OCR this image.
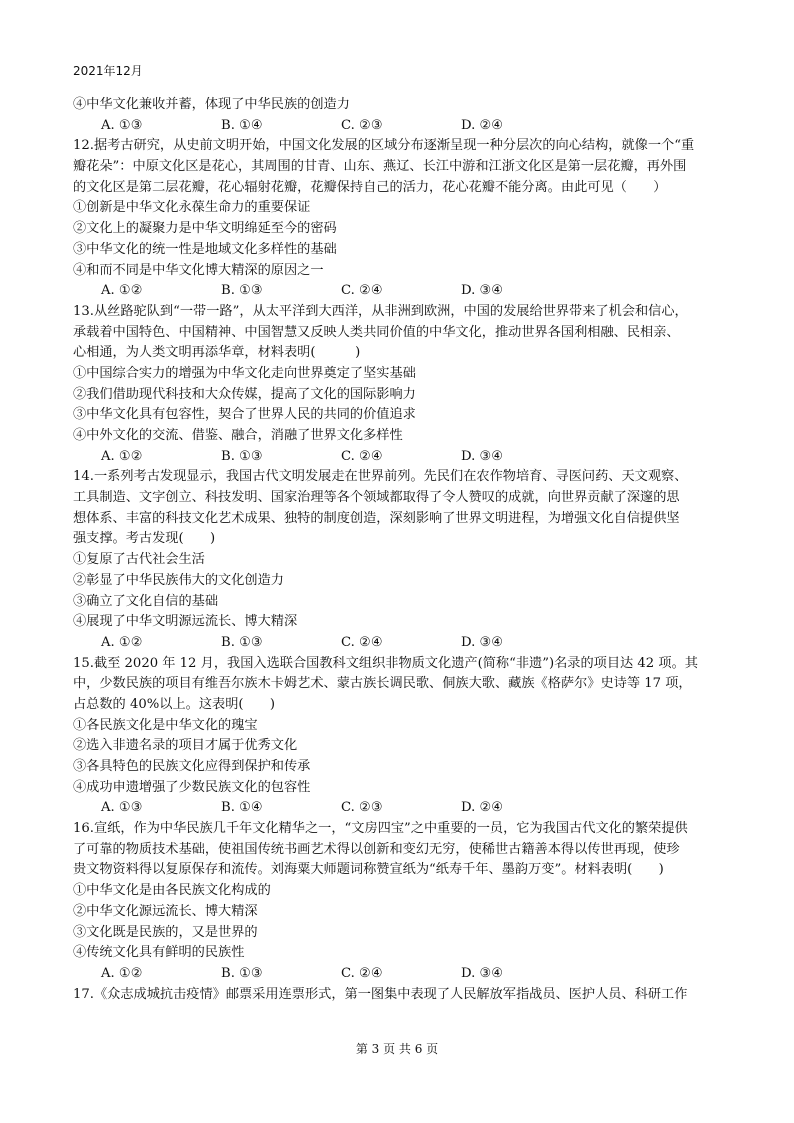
2021年12月
④中华文化兼收并蓄，体现了中华民族的创造力
A. ①③	B. ①④	C. ②③	D. ②④
12.据考古研究，从史前文明开始，中国文化发展的区域分布逐渐呈现一种分层次的向心结构，就像一个“重
瓣花朵”：中原文化区是花心，其周围的甘青、山东、燕辽、长江中游和江浙文化区是第一层花瓣，再外围
的文化区是第二层花瓣，花心辐射花瓣，花瓣保持自己的活力，花心花瓣不能分离。由此可见（　　）
①创新是中华文化永葆生命力的重要保证
②文化上的凝聚力是中华文明绵延至今的密码
③中华文化的统一性是地域文化多样性的基础
④和而不同是中华文化博大精深的原因之一
A. ①②	B. ①③	C. ②④	D. ③④
13.从丝路驼队到“一带一路”，从太平洋到大西洋，从非洲到欧洲，中国的发展给世界带来了机会和信心，
承载着中国特色、中国精神、中国智慧又反映人类共同价值的中华文化，推动世界各国利相融、民相亲、
心相通，为人类文明再添华章，材料表明(　　　)
①中国综合实力的增强为中华文化走向世界奠定了坚实基础
②我们借助现代科技和大众传媒，提高了文化的国际影响力
③中华文化具有包容性，契合了世界人民的共同的价值追求
④中外文化的交流、借鉴、融合，消融了世界文化多样性
A. ①②	B. ①③	C. ②④	D. ③④
14.一系列考古发现显示，我国古代文明发展走在世界前列。先民们在农作物培育、寻医问药、天文观察、
工具制造、文字创立、科技发明、国家治理等各个领域都取得了令人赞叹的成就，向世界贡献了深邃的思
想体系、丰富的科技文化艺术成果、独特的制度创造，深刻影响了世界文明进程，为增强文化自信提供坚
强支撑。考古发现(　　)
①复原了古代社会生活
②彰显了中华民族伟大的文化创造力
③确立了文化自信的基础
④展现了中华文明源远流长、博大精深
A. ①②	B. ①③	C. ②④	D. ③④
15.截至 2020 年 12 月，我国入选联合国教科文组织非物质文化遗产(简称“非遗”)名录的项目达 42 项。其
中，少数民族的项目有维吾尔族木卡姆艺术、蒙古族长调民歌、侗族大歌、藏族《格萨尔》史诗等 17 项，
占总数的 40%以上。这表明(　　)
①各民族文化是中华文化的瑰宝
②选入非遗名录的项目才属于优秀文化
③各具特色的民族文化应得到保护和传承
④成功申遗增强了少数民族文化的包容性
A. ①③	B. ①④	C. ②③	D. ②④
16.宣纸，作为中华民族几千年文化精华之一，“文房四宝”之中重要的一员，它为我国古代文化的繁荣提供
了可靠的物质技术基础，使祖国传统书画艺术得以创新和变幻无穷，使稀世古籍善本得以传世再现，使珍
贵文物资料得以复原保存和流传。刘海粟大师题词称赞宣纸为“纸寿千年、墨韵万变”。材料表明(　　)
①中华文化是由各民族文化构成的
②中华文化源远流长、博大精深
③文化既是民族的，又是世界的
④传统文化具有鲜明的民族性
A. ①②	B. ①③	C. ②④	D. ③④
17.《众志成城抗击疫情》邮票采用连票形式，第一图集中表现了人民解放军指战员、医护人员、科研工作
第 3 页 共 6 页
